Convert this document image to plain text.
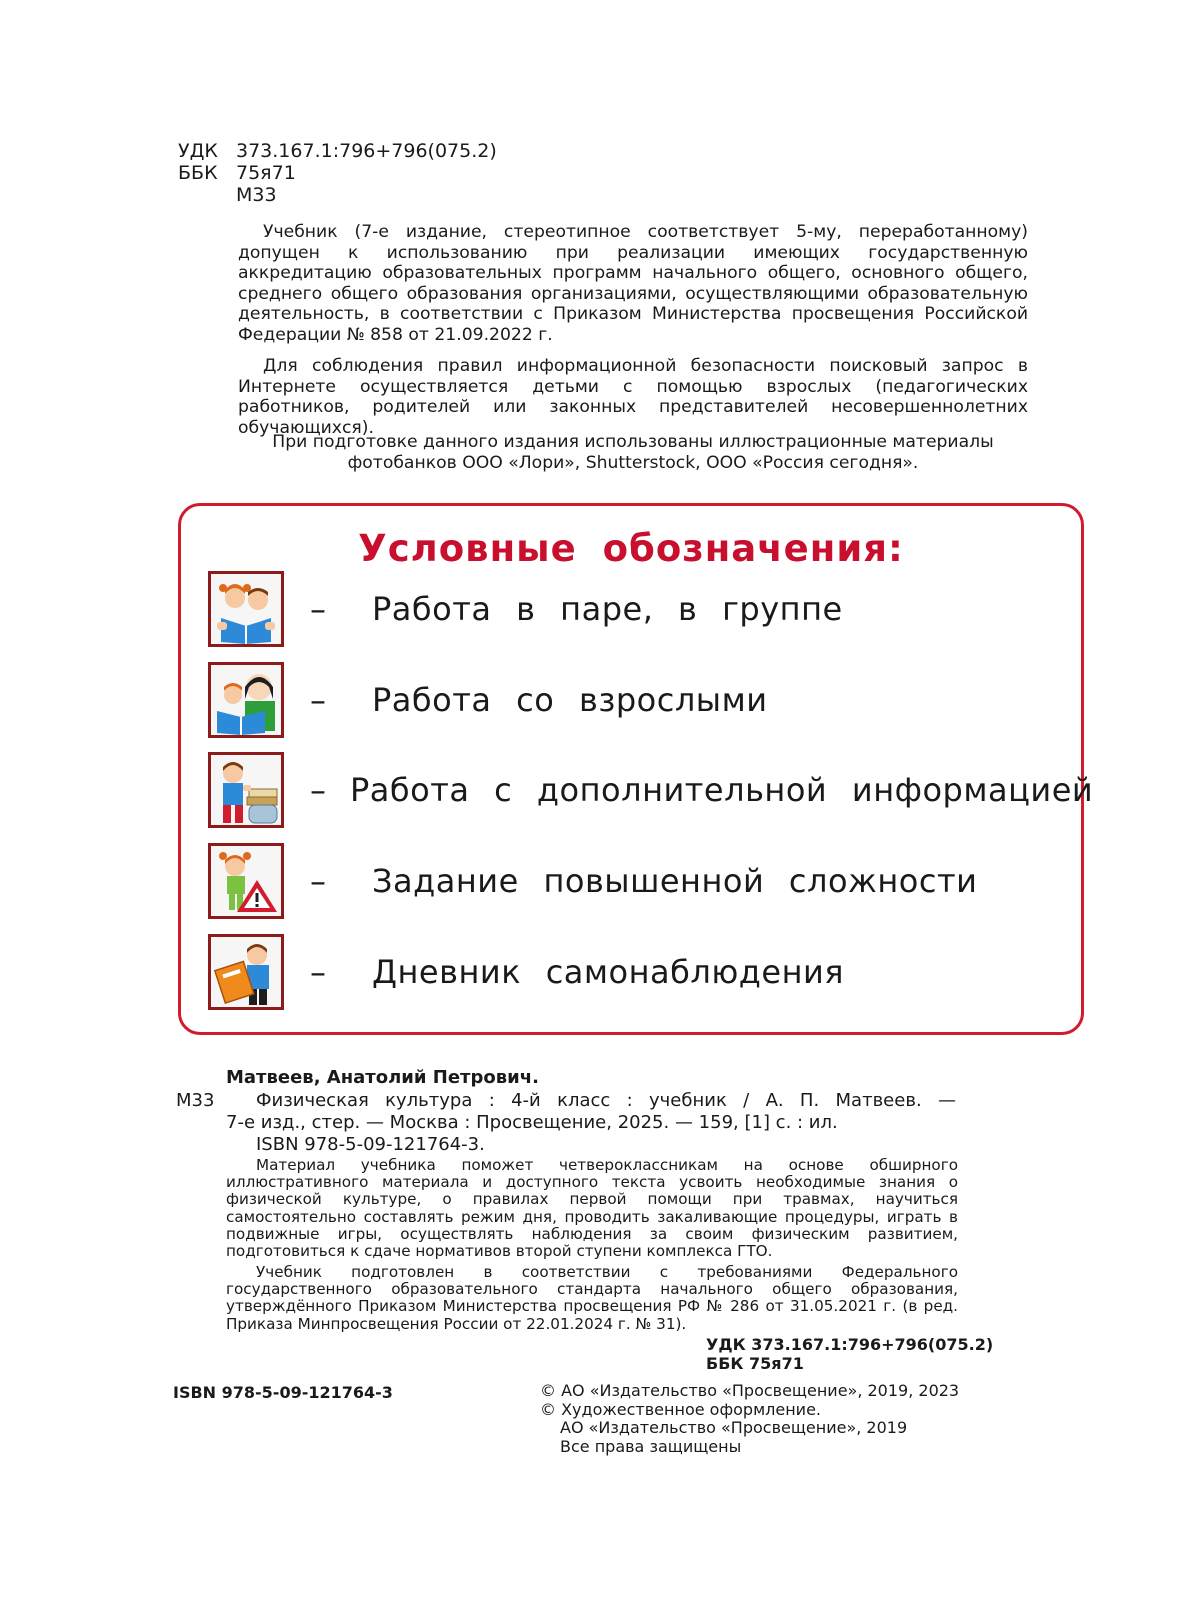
УДК 373.167.1:796+796(075.2)
ББК 75я71
М33
Учебник (7-е издание, стереотипное соответствует 5-му, переработанному) допущен к использованию при реализации имеющих государственную аккредитацию образовательных программ начального общего, основного общего, среднего общего образования организациями, осуществляющими образовательную деятельность, в соответствии с Приказом Министерства просвещения Российской Федерации № 858 от 21.09.2022 г.
Для соблюдения правил информационной безопасности поисковый запрос в Интернете осуществляется детьми с помощью взрослых (педагогических работников, родителей или законных представителей несовершеннолетних обучающихся).
При подготовке данного издания использованы иллюстрационные материалы фотобанков ООО «Лори», Shutterstock, ООО «Россия сегодня».
Условные обозначения:
–	Работа в паре, в группе
–	Работа со взрослыми
– Работа с дополнительной информацией
–	Задание повышенной сложности
–	Дневник самонаблюдения
Матвеев, Анатолий Петрович.
М33 Физическая культура : 4-й класс : учебник / А. П. Матвеев. —
7-е изд., стер. — Москва : Просвещение, 2025. — 159, [1] с. : ил.
ISBN 978-5-09-121764-3.
Материал учебника поможет четвероклассникам на основе обширного иллюстративного материала и доступного текста усвоить необходимые знания о физической культуре, о правилах первой помощи при травмах, научиться самостоятельно составлять режим дня, проводить закаливающие процедуры, играть в подвижные игры, осуществлять наблюдения за своим физическим развитием, подготовиться к сдаче нормативов второй ступени комплекса ГТО.
Учебник подготовлен в соответствии с требованиями Федерального государственного образовательного стандарта начального общего образования, утверждённого Приказом Министерства просвещения РФ № 286 от 31.05.2021 г. (в ред. Приказа Минпросвещения России от 22.01.2024 г. № 31).
УДК 373.167.1:796+796(075.2)
ББК 75я71
ISBN 978-5-09-121764-3	© АО «Издательство «Просвещение», 2019, 2023
© Художественное оформление.
АО «Издательство «Просвещение», 2019
Все права защищены
